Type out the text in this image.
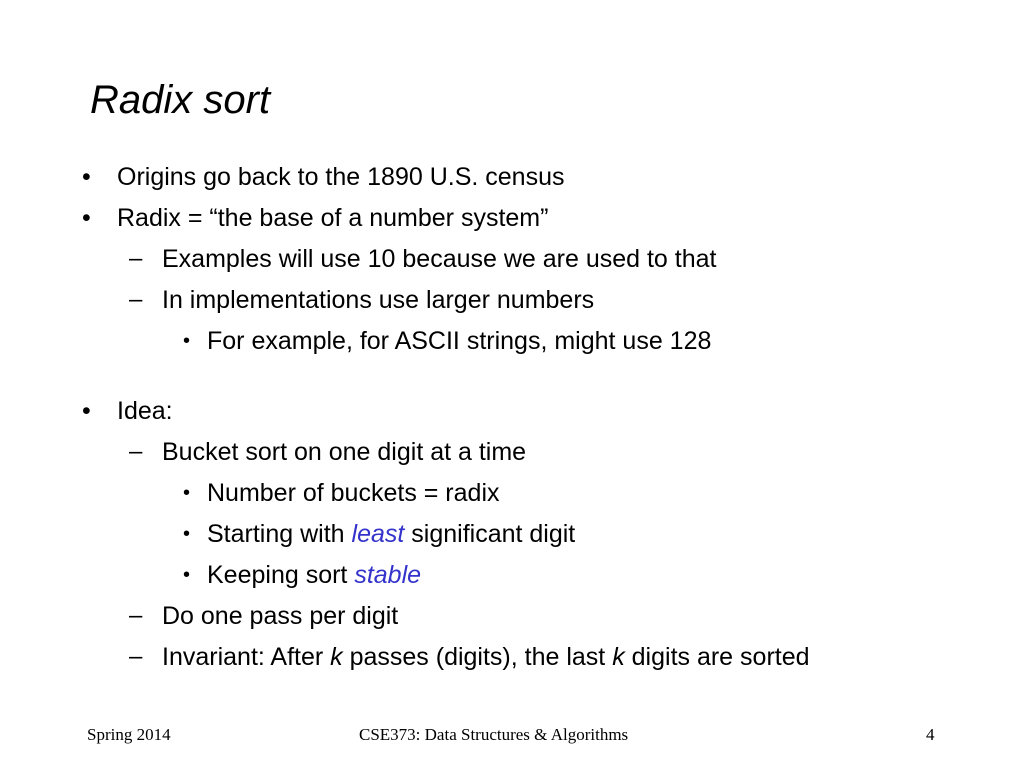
Radix sort
• Origins go back to the 1890 U.S. census
• Radix = “the base of a number system”
– Examples will use 10 because we are used to that
– In implementations use larger numbers
• For example, for ASCII strings, might use 128
• Idea:
– Bucket sort on one digit at a time
• Number of buckets = radix
• Starting with least significant digit
• Keeping sort stable
– Do one pass per digit
– Invariant: After k passes (digits), the last k digits are sorted
Spring 2014	CSE373: Data Structures & Algorithms	4
